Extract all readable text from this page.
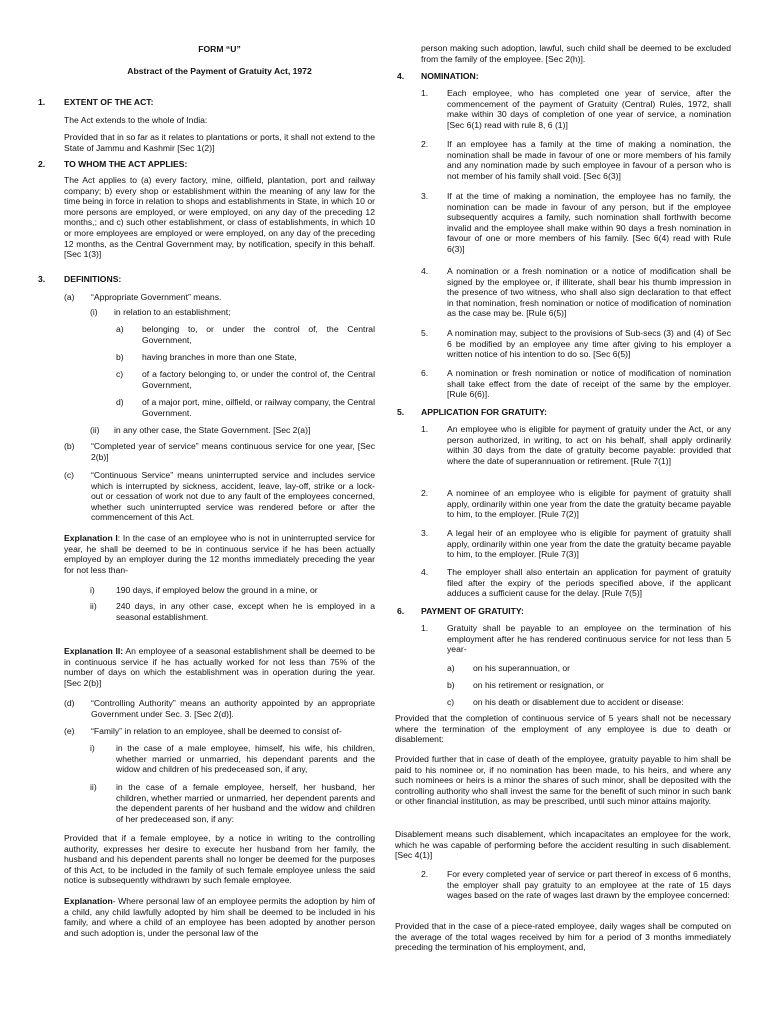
FORM “U”

Abstract of the Payment of Gratuity Act, 1972

1. EXTENT OF THE ACT:

The Act extends to the whole of India:

Provided that in so far as it relates to plantations or ports, it shall not extend to the State of Jammu and Kashmir [Sec 1(2)]

2. TO WHOM THE ACT APPLIES:

The Act applies to (a) every factory, mine, oilfield, plantation, port and railway company; b) every shop or establishment within the meaning of any law for the time being in force in relation to shops and establishments in State, in which 10 or more persons are employed, or were employed, on any day of the preceding 12 months,; and c) such other establishment, or class of establishments, in which 10 or more employees are employed or were employed, on any day of the preceding 12 months, as the Central Government may, by notification, specify in this behalf. [Sec 1(3)]

3. DEFINITIONS:
(a) “Appropriate Government” means.

(i) in relation to an establishment;

a) belonging to, or under the control of, the Central Government,

b) having branches in more than one State,

c) of a factory belonging to, or under the control of, the Central Government,

d) of a major port, mine, oilfield, or railway company, the Central Government.

(ii) in any other case, the State Government. [Sec 2(a)]

(b) “Completed year of service” means continuous service for one year, [Sec 2(b)]

(c) “Continuous Service” means uninterrupted service and includes service which is interrupted by sickness, accident, leave, lay-off, strike or a lock-out or cessation of work not due to any fault of the employees concerned, whether such uninterrupted service was rendered before or after the commencement of this Act.

Explanation I: In the case of an employee who is not in uninterrupted service for year, he shall be deemed to be in continuous service if he has been actually employed by an employer during the 12 months immediately preceding the year for not less than-

i) 190 days, if employed below the ground in a mine, or

ii) 240 days, in any other case, except when he is employed in a seasonal establishment.

Explanation II: An employee of a seasonal establishment shall be deemed to be in continuous service if he has actually worked for not less than 75% of the number of days on which the establishment was in operation during the year. [Sec 2(b)]

(d) “Controlling Authority” means an authority appointed by an appropriate Government under Sec. 3. [Sec 2(d)].

(e) “Family” in relation to an employee, shall be deemed to consist of-

i) in the case of a male employee, himself, his wife, his children, whether married or unmarried, his dependant parents and the widow and children of his predeceased son, if any,

ii) in the case of a female employee, herself, her husband, her children, whether married or unmarried, her dependent parents and the dependent parents of her husband and the widow and children of her predeceased son, if any:

Provided that if a female employee, by a notice in writing to the controlling authority, expresses her desire to execute her husband from her family, the husband and his dependent parents shall no longer be deemed for the purposes of this Act, to be included in the family of such female employee unless the said notice is subsequently withdrawn by such female employee.

Explanation- Where personal law of an employee permits the adoption by him of a child, any child lawfully adopted by him shall be deemed to be included in his family, and where a child of an employee has been adopted by another person and such adoption is, under the personal law of the

person making such adoption, lawful, such child shall be deemed to be excluded from the family of the employee. [Sec 2(h)].

4. NOMINATION:
1. Each employee, who has completed one year of service, after the commencement of the payment of Gratuity (Central) Rules, 1972, shall make within 30 days of completion of one year of service, a nomination [Sec 6(1) read with rule 8, 6 (1)]

2. If an employee has a family at the time of making a nomination, the nomination shall be made in favour of one or more members of his family and any nomination made by such employee in favour of a person who is not member of his family shall void. [Sec 6(3)]

3. If at the time of making a nomination, the employee has no family, the nomination can be made in favour of any person, but if the employee subsequently acquires a family, such nomination shall forthwith become invalid and the employee shall make within 90 days a fresh nomination in favour of one or more members of his family. [Sec 6(4) read with Rule 6(3)]

4. A nomination or a fresh nomination or a notice of modification shall be signed by the employee or, if illiterate, shall bear his thumb impression in the presence of two witness, who shall also sign declaration to that effect in that nomination, fresh nomination or notice of modification of nomination as the case may be. [Rule 6(5)]

5. A nomination may, subject to the provisions of Sub-secs (3) and (4) of Sec 6 be modified by an employee any time after giving to his employer a written notice of his intention to do so. [Sec 6(5)]

6. A nomination or fresh nomination or notice of modification of nomination shall take effect from the date of receipt of the same by the employer. [Rule 6(6)].

5. APPLICATION FOR GRATUITY:
1. An employee who is eligible for payment of gratuity under the Act, or any person authorized, in writing, to act on his behalf, shall apply ordinarily within 30 days from the date of gratuity become payable: provided that where the date of superannuation or retirement. [Rule 7(1)]

2. A nominee of an employee who is eligible for payment of gratuity shall apply, ordinarily within one year from the date the gratuity became payable to him, to the employer. [Rule 7(2)]

3. A legal heir of an employee who is eligible for payment of gratuity shall apply, ordinarily within one year from the date the gratuity became payable to him, to the employer. [Rule 7(3)]

4. The employer shall also entertain an application for payment of gratuity filed after the expiry of the periods specified above, if the applicant adduces a sufficient cause for the delay. [Rule 7(5)]

6. PAYMENT OF GRATUITY:
1. Gratuity shall be payable to an employee on the termination of his employment after he has rendered continuous service for not less than 5 year-

a) on his superannuation, or

b) on his retirement or resignation, or

c) on his death or disablement due to accident or disease:

Provided that the completion of continuous service of 5 years shall not be necessary where the termination of the employment of any employee is due to death or disablement:

Provided further that in case of death of the employee, gratuity payable to him shall be paid to his nominee or, if no nomination has been made, to his heirs, and where any such nominees or heirs is a minor the shares of such minor, shall be deposited with the controlling authority who shall invest the same for the benefit of such minor in such bank or other financial institution, as may be prescribed, until such minor attains majority.

Disablement means such disablement, which incapacitates an employee for the work, which he was capable of performing before the accident resulting in such disablement. [Sec 4(1)]

2. For every completed year of service or part thereof in excess of 6 months, the employer shall pay gratuity to an employee at the rate of 15 days wages based on the rate of wages last drawn by the employee concerned:

Provided that in the case of a piece-rated employee, daily wages shall be computed on the average of the total wages received by him for a period of 3 months immediately preceding the termination of his employment, and,
